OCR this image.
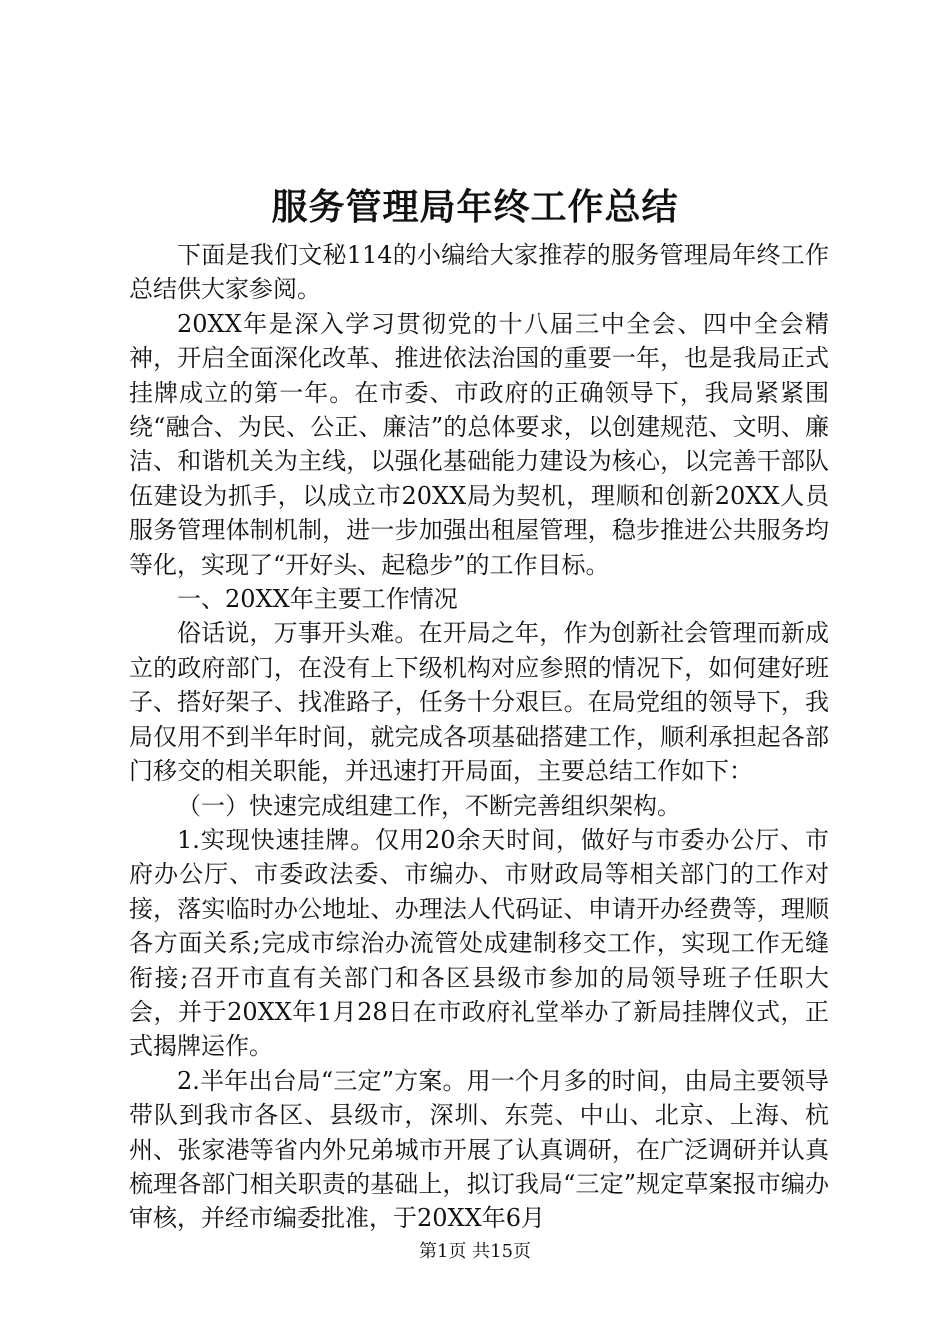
服务管理局年终工作总结

下面是我们文秘114的小编给大家推荐的服务管理局年终工作总结供大家参阅。

20XX年是深入学习贯彻党的十八届三中全会、四中全会精神，开启全面深化改革、推进依法治国的重要一年，也是我局正式挂牌成立的第一年。在市委、市政府的正确领导下，我局紧紧围绕“融合、为民、公正、廉洁”的总体要求，以创建规范、文明、廉洁、和谐机关为主线，以强化基础能力建设为核心，以完善干部队伍建设为抓手，以成立市20XX局为契机，理顺和创新20XX人员服务管理体制机制，进一步加强出租屋管理，稳步推进公共服务均等化，实现了“开好头、起稳步”的工作目标。

一、20XX年主要工作情况

俗话说，万事开头难。在开局之年，作为创新社会管理而新成立的政府部门，在没有上下级机构对应参照的情况下，如何建好班子、搭好架子、找准路子，任务十分艰巨。在局党组的领导下，我局仅用不到半年时间，就完成各项基础搭建工作，顺利承担起各部门移交的相关职能，并迅速打开局面，主要总结工作如下：

（一）快速完成组建工作，不断完善组织架构。

1.实现快速挂牌。仅用20余天时间，做好与市委办公厅、市府办公厅、市委政法委、市编办、市财政局等相关部门的工作对接，落实临时办公地址、办理法人代码证、申请开办经费等，理顺各方面关系;完成市综治办流管处成建制移交工作，实现工作无缝衔接;召开市直有关部门和各区县级市参加的局领导班子任职大会，并于20XX年1月28日在市政府礼堂举办了新局挂牌仪式，正式揭牌运作。

2.半年出台局“三定”方案。用一个月多的时间，由局主要领导带队到我市各区、县级市，深圳、东莞、中山、北京、上海、杭州、张家港等省内外兄弟城市开展了认真调研，在广泛调研并认真梳理各部门相关职责的基础上，拟订我局“三定”规定草案报市编办审核，并经市编委批准，于20XX年6月

第1页 共15页
